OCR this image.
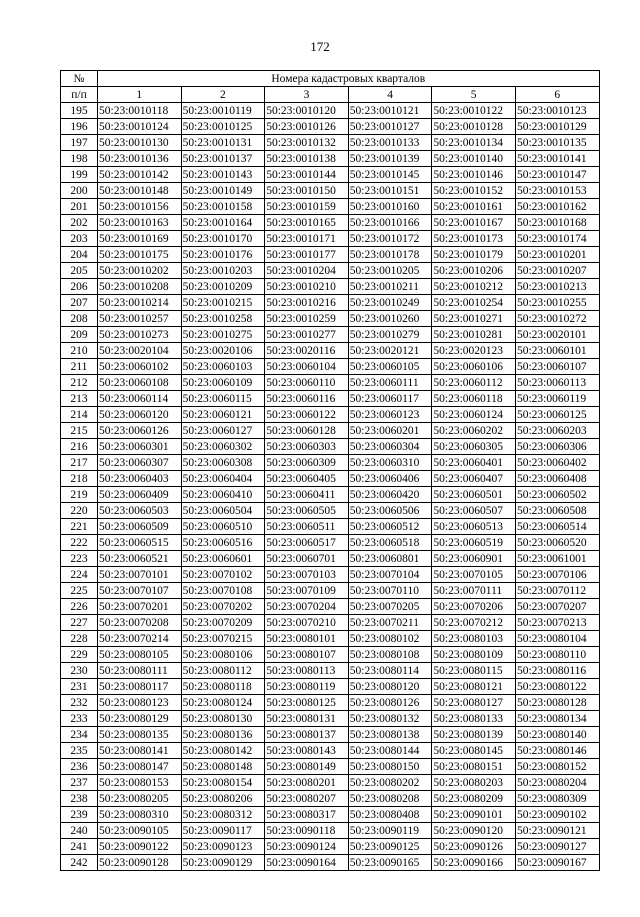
172
№	Номера кадастровых кварталов					
п/п	1	2	3	4	5	6
195	50:23:0010118	50:23:0010119	50:23:0010120	50:23:0010121	50:23:0010122	50:23:0010123
196	50:23:0010124	50:23:0010125	50:23:0010126	50:23:0010127	50:23:0010128	50:23:0010129
197	50:23:0010130	50:23:0010131	50:23:0010132	50:23:0010133	50:23:0010134	50:23:0010135
198	50:23:0010136	50:23:0010137	50:23:0010138	50:23:0010139	50:23:0010140	50:23:0010141
199	50:23:0010142	50:23:0010143	50:23:0010144	50:23:0010145	50:23:0010146	50:23:0010147
200	50:23:0010148	50:23:0010149	50:23:0010150	50:23:0010151	50:23:0010152	50:23:0010153
201	50:23:0010156	50:23:0010158	50:23:0010159	50:23:0010160	50:23:0010161	50:23:0010162
202	50:23:0010163	50:23:0010164	50:23:0010165	50:23:0010166	50:23:0010167	50:23:0010168
203	50:23:0010169	50:23:0010170	50:23:0010171	50:23:0010172	50:23:0010173	50:23:0010174
204	50:23:0010175	50:23:0010176	50:23:0010177	50:23:0010178	50:23:0010179	50:23:0010201
205	50:23:0010202	50:23:0010203	50:23:0010204	50:23:0010205	50:23:0010206	50:23:0010207
206	50:23:0010208	50:23:0010209	50:23:0010210	50:23:0010211	50:23:0010212	50:23:0010213
207	50:23:0010214	50:23:0010215	50:23:0010216	50:23:0010249	50:23:0010254	50:23:0010255
208	50:23:0010257	50:23:0010258	50:23:0010259	50:23:0010260	50:23:0010271	50:23:0010272
209	50:23:0010273	50:23:0010275	50:23:0010277	50:23:0010279	50:23:0010281	50:23:0020101
210	50:23:0020104	50:23:0020106	50:23:0020116	50:23:0020121	50:23:0020123	50:23:0060101
211	50:23:0060102	50:23:0060103	50:23:0060104	50:23:0060105	50:23:0060106	50:23:0060107
212	50:23:0060108	50:23:0060109	50:23:0060110	50:23:0060111	50:23:0060112	50:23:0060113
213	50:23:0060114	50:23:0060115	50:23:0060116	50:23:0060117	50:23:0060118	50:23:0060119
214	50:23:0060120	50:23:0060121	50:23:0060122	50:23:0060123	50:23:0060124	50:23:0060125
215	50:23:0060126	50:23:0060127	50:23:0060128	50:23:0060201	50:23:0060202	50:23:0060203
216	50:23:0060301	50:23:0060302	50:23:0060303	50:23:0060304	50:23:0060305	50:23:0060306
217	50:23:0060307	50:23:0060308	50:23:0060309	50:23:0060310	50:23:0060401	50:23:0060402
218	50:23:0060403	50:23:0060404	50:23:0060405	50:23:0060406	50:23:0060407	50:23:0060408
219	50:23:0060409	50:23:0060410	50:23:0060411	50:23:0060420	50:23:0060501	50:23:0060502
220	50:23:0060503	50:23:0060504	50:23:0060505	50:23:0060506	50:23:0060507	50:23:0060508
221	50:23:0060509	50:23:0060510	50:23:0060511	50:23:0060512	50:23:0060513	50:23:0060514
222	50:23:0060515	50:23:0060516	50:23:0060517	50:23:0060518	50:23:0060519	50:23:0060520
223	50:23:0060521	50:23:0060601	50:23:0060701	50:23:0060801	50:23:0060901	50:23:0061001
224	50:23:0070101	50:23:0070102	50:23:0070103	50:23:0070104	50:23:0070105	50:23:0070106
225	50:23:0070107	50:23:0070108	50:23:0070109	50:23:0070110	50:23:0070111	50:23:0070112
226	50:23:0070201	50:23:0070202	50:23:0070204	50:23:0070205	50:23:0070206	50:23:0070207
227	50:23:0070208	50:23:0070209	50:23:0070210	50:23:0070211	50:23:0070212	50:23:0070213
228	50:23:0070214	50:23:0070215	50:23:0080101	50:23:0080102	50:23:0080103	50:23:0080104
229	50:23:0080105	50:23:0080106	50:23:0080107	50:23:0080108	50:23:0080109	50:23:0080110
230	50:23:0080111	50:23:0080112	50:23:0080113	50:23:0080114	50:23:0080115	50:23:0080116
231	50:23:0080117	50:23:0080118	50:23:0080119	50:23:0080120	50:23:0080121	50:23:0080122
232	50:23:0080123	50:23:0080124	50:23:0080125	50:23:0080126	50:23:0080127	50:23:0080128
233	50:23:0080129	50:23:0080130	50:23:0080131	50:23:0080132	50:23:0080133	50:23:0080134
234	50:23:0080135	50:23:0080136	50:23:0080137	50:23:0080138	50:23:0080139	50:23:0080140
235	50:23:0080141	50:23:0080142	50:23:0080143	50:23:0080144	50:23:0080145	50:23:0080146
236	50:23:0080147	50:23:0080148	50:23:0080149	50:23:0080150	50:23:0080151	50:23:0080152
237	50:23:0080153	50:23:0080154	50:23:0080201	50:23:0080202	50:23:0080203	50:23:0080204
238	50:23:0080205	50:23:0080206	50:23:0080207	50:23:0080208	50:23:0080209	50:23:0080309
239	50:23:0080310	50:23:0080312	50:23:0080317	50:23:0080408	50:23:0090101	50:23:0090102
240	50:23:0090105	50:23:0090117	50:23:0090118	50:23:0090119	50:23:0090120	50:23:0090121
241	50:23:0090122	50:23:0090123	50:23:0090124	50:23:0090125	50:23:0090126	50:23:0090127
242	50:23:0090128	50:23:0090129	50:23:0090164	50:23:0090165	50:23:0090166	50:23:0090167
